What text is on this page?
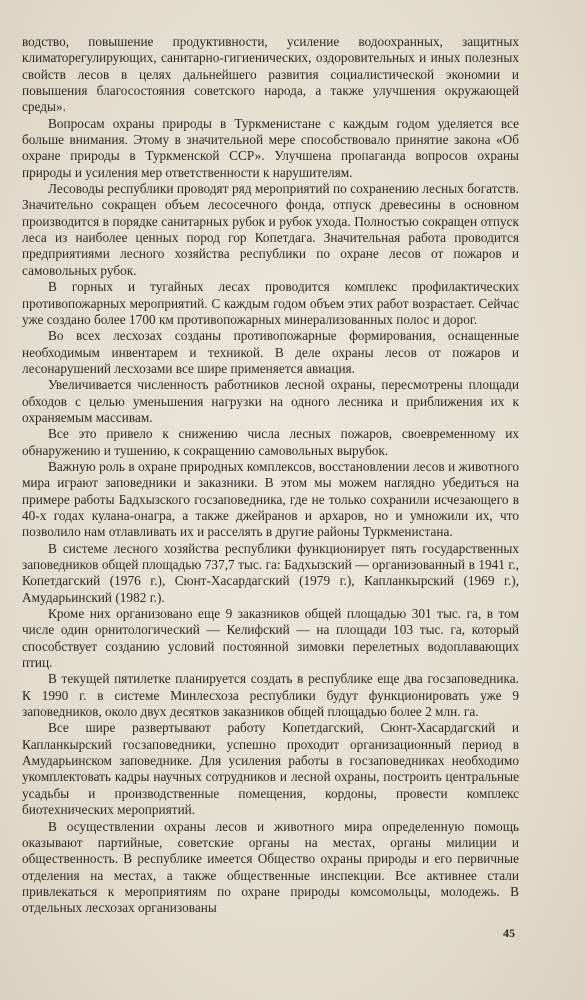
водство, повышение продуктивности, усиление водоохранных, защитных климаторегулирующих, санитарно-гигиенических, оздоровительных и иных полезных свойств лесов в целях дальнейшего развития социалистической экономии и повышения благосостояния советского народа, а также улучшения окружающей среды».

Вопросам охраны природы в Туркменистане с каждым годом уделяется все больше внимания. Этому в значительной мере способствовало принятие закона «Об охране природы в Туркменской ССР». Улучшена пропаганда вопросов охраны природы и усиления мер ответственности к нарушителям.

Лесоводы республики проводят ряд мероприятий по сохранению лесных богатств. Значительно сокращен объем лесосечного фонда, отпуск древесины в основном производится в порядке санитарных рубок и рубок ухода. Полностью сокращен отпуск леса из наиболее ценных пород гор Копетдага. Значительная работа проводится предприятиями лесного хозяйства республики по охране лесов от пожаров и самовольных рубок.

В горных и тугайных лесах проводится комплекс профилактических противопожарных мероприятий. С каждым годом объем этих работ возрастает. Сейчас уже создано более 1700 км противопожарных минерализованных полос и дорог.

Во всех лесхозах созданы противопожарные формирования, оснащенные необходимым инвентарем и техникой. В деле охраны лесов от пожаров и лесонарушений лесхозами все шире применяется авиация.

Увеличивается численность работников лесной охраны, пересмотрены площади обходов с целью уменьшения нагрузки на одного лесника и приближения их к охраняемым массивам.

Все это привело к снижению числа лесных пожаров, своевременному их обнаружению и тушению, к сокращению самовольных вырубок.

Важную роль в охране природных комплексов, восстановлении лесов и животного мира играют заповедники и заказники. В этом мы можем наглядно убедиться на примере работы Бадхызского госзаповедника, где не только сохранили исчезающего в 40-х годах кулана-онагра, а также джейранов и архаров, но и умножили их, что позволило нам отлавливать их и расселять в другие районы Туркменистана.

В системе лесного хозяйства республики функционирует пять государственных заповедников общей площадью 737,7 тыс. га: Бадхызский — организованный в 1941 г., Копетдагский (1976 г.), Сюнт-Хасардагский (1979 г.), Капланкырский (1969 г.), Амударьинский (1982 г.).

Кроме них организовано еще 9 заказников общей площадью 301 тыс. га, в том числе один орнитологический — Келифский — на площади 103 тыс. га, который способствует созданию условий постоянной зимовки перелетных водоплавающих птиц.

В текущей пятилетке планируется создать в республике еще два госзаповедника. К 1990 г. в системе Минлесхоза республики будут функционировать уже 9 заповедников, около двух десятков заказников общей площадью более 2 млн. га.

Все шире развертывают работу Копетдагский, Сюнт-Хасардагский и Капланкырский госзаповедники, успешно проходит организационный период в Амударьинском заповеднике. Для усиления работы в госзаповедниках необходимо укомплектовать кадры научных сотрудников и лесной охраны, построить центральные усадьбы и производственные помещения, кордоны, провести комплекс биотехнических мероприятий.

В осуществлении охраны лесов и животного мира определенную помощь оказывают партийные, советские органы на местах, органы милиции и общественность. В республике имеется Общество охраны природы и его первичные отделения на местах, а также общественные инспекции. Все активнее стали привлекаться к мероприятиям по охране природы комсомольцы, молодежь. В отдельных лесхозах организованы

45
